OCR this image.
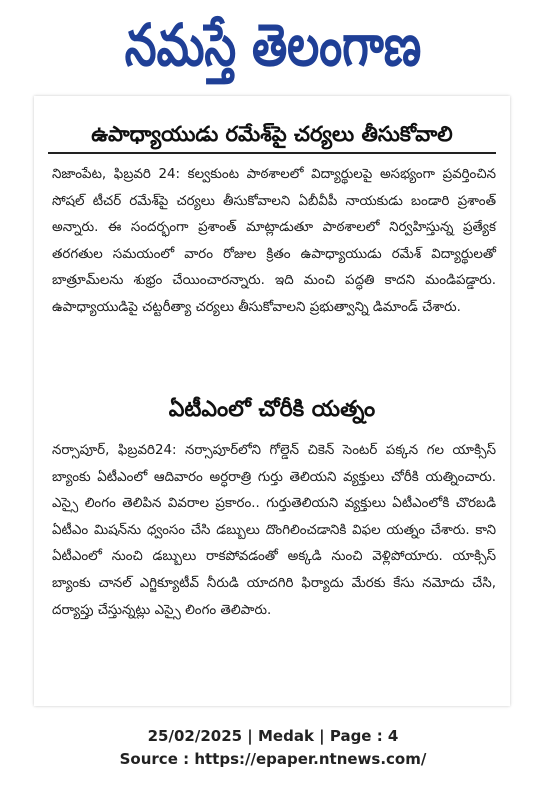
నమస్తే తెలంగాణ
ఉపాధ్యాయుడు రమేశ్‌పై చర్యలు తీసుకోవాలి
నిజాంపేట, ఫిబ్రవరి 24: కల్వకుంట పాఠశాలలో విద్యార్థులపై అసభ్యంగా ప్రవర్తించిన సోషల్ టీచర్ రమేశ్‌పై చర్యలు తీసుకోవాలని ఏబీవీపీ నాయకుడు బండారి ప్రశాంత్ అన్నారు. ఈ సందర్భంగా ప్రశాంత్ మాట్లాడుతూ పాఠశాలలో నిర్వహిస్తున్న ప్రత్యేక తరగతుల సమయంలో వారం రోజుల క్రితం ఉపాధ్యాయుడు రమేశ్ విద్యార్థులతో బాత్రూమ్‌లను శుభ్రం చేయించారన్నారు. ఇది మంచి పద్ధతి కాదని మండిపడ్డారు. ఉపాధ్యాయుడిపై చట్టరీత్యా చర్యలు తీసుకోవాలని ప్రభుత్వాన్ని డిమాండ్ చేశారు.
ఏటీఎంలో చోరీకి యత్నం
నర్సాపూర్, ఫిబ్రవరి24: నర్సాపూర్‌లోని గోల్డెన్ చికెన్ సెంటర్ పక్కన గల యాక్సిస్ బ్యాంకు ఏటీఎంలో ఆదివారం అర్ధరాత్రి గుర్తు తెలియని వ్యక్తులు చోరీకి యత్నించారు. ఎస్సై లింగం తెలిపిన వివరాల ప్రకారం.. గుర్తుతెలియని వ్యక్తులు ఏటీఎంలోకి చొరబడి ఏటీఎం మిషన్‌ను ధ్వంసం చేసి డబ్బులు దొంగిలించడానికి విఫల యత్నం చేశారు. కాని ఏటీఎంలో నుంచి డబ్బులు రాకపోవడంతో అక్కడి నుంచి వెళ్లిపోయారు. యాక్సిస్ బ్యాంకు చానల్ ఎగ్జిక్యూటీవ్ నీరుడి యాదగిరి ఫిర్యాదు మేరకు కేసు నమోదు చేసి, దర్యాప్తు చేస్తున్నట్లు ఎస్సై లింగం తెలిపారు.
25/02/2025 | Medak | Page : 4
Source : https://epaper.ntnews.com/
